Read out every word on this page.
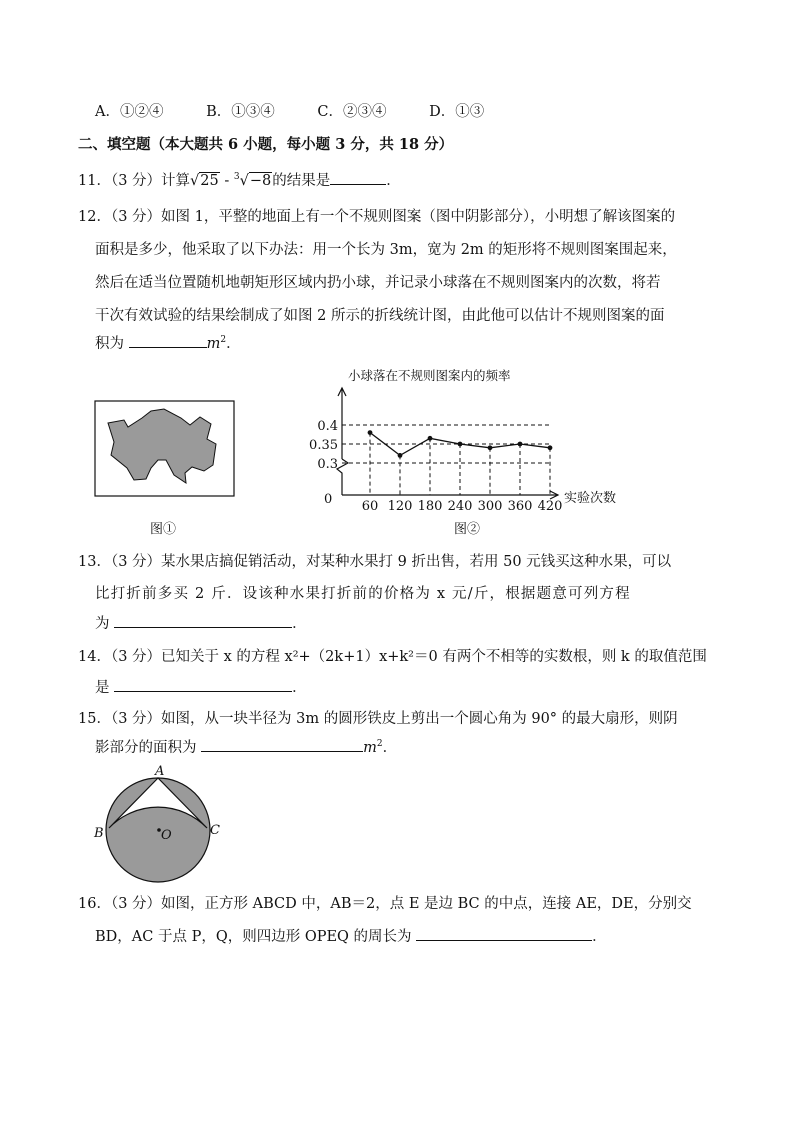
A．①②④	B．①③④	C．②③④	D．①③
二、填空题（本大题共 6 小题，每小题 3 分，共 18 分）
11．（3 分）计算√25 - $^3$√−8的结果是	．
12．（3 分）如图 1，平整的地面上有一个不规则图案（图中阴影部分），小明想了解该图案的
面积是多少，他采取了以下办法：用一个长为 3m，宽为 2m 的矩形将不规则图案围起来，
然后在适当位置随机地朝矩形区域内扔小球，并记录小球落在不规则图案内的次数，将若
干次有效试验的结果绘制成了如图 2 所示的折线统计图，由此他可以估计不规则图案的面
积为	$m^2$．
图①
小球落在不规则图案内的频率
0
0.4
0.35
0.3
60 120 180 240 300 360 420
实验次数
图②
13．（3 分）某水果店搞促销活动，对某种水果打 9 折出售，若用 50 元钱买这种水果，可以
比打折前多买 2 斤．设该种水果打折前的价格为 x 元/斤，根据题意可列方程
为	．
14．（3 分）已知关于 x 的方程 x²+（2k+1）x+k²＝0 有两个不相等的实数根，则 k 的取值范围
是	．
15．（3 分）如图，从一块半径为 3m 的圆形铁皮上剪出一个圆心角为 90° 的最大扇形，则阴
影部分的面积为	$m^2$．
A
B	C
O
16．（3 分）如图，正方形 ABCD 中，AB＝2，点 E 是边 BC 的中点，连接 AE，DE，分别交
BD，AC 于点 P，Q，则四边形 OPEQ 的周长为	．
